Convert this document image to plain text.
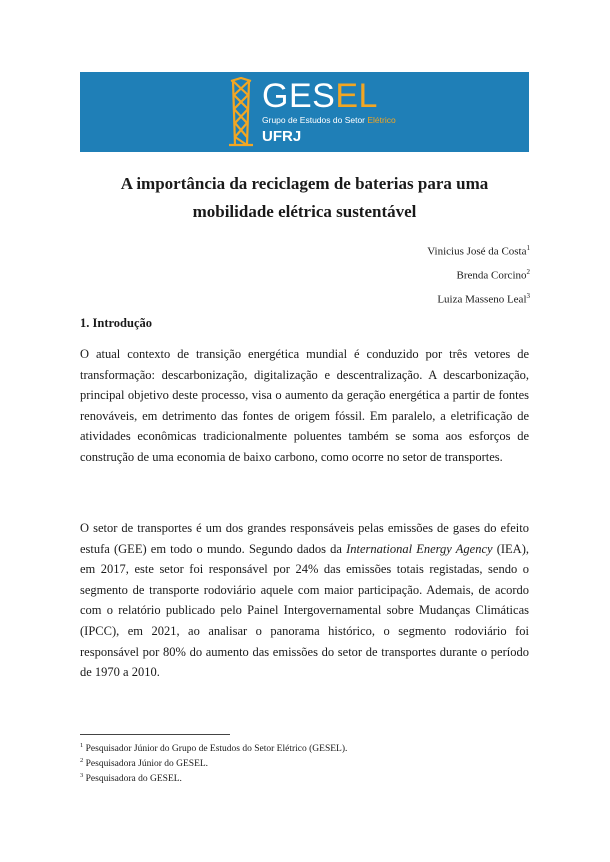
GESEL
Grupo de Estudos do Setor Elétrico
UFRJ
A importância da reciclagem de baterias para uma
mobilidade elétrica sustentável
Vinicius José da Costa$^1$
Brenda Corcino$^2$
Luiza Masseno Leal$^3$
1. Introdução

O atual contexto de transição energética mundial é conduzido por três vetores de transformação: descarbonização, digitalização e descentralização. A descarbonização, principal objetivo deste processo, visa o aumento da geração energética a partir de fontes renováveis, em detrimento das fontes de origem fóssil. Em paralelo, a eletrificação de atividades econômicas tradicionalmente poluentes também se soma aos esforços de construção de uma economia de baixo carbono, como ocorre no setor de transportes.

O setor de transportes é um dos grandes responsáveis pelas emissões de gases do efeito estufa (GEE) em todo o mundo. Segundo dados da International Energy Agency (IEA), em 2017, este setor foi responsável por 24% das emissões totais registadas, sendo o segmento de transporte rodoviário aquele com maior participação. Ademais, de acordo com o relatório publicado pelo Painel Intergovernamental sobre Mudanças Climáticas (IPCC), em 2021, ao analisar o panorama histórico, o segmento rodoviário foi responsável por 80% do aumento das emissões do setor de transportes durante o período de 1970 a 2010.

$^1$ Pesquisador Júnior do Grupo de Estudos do Setor Elétrico (GESEL).
$^2$ Pesquisadora Júnior do GESEL.
$^3$ Pesquisadora do GESEL.
